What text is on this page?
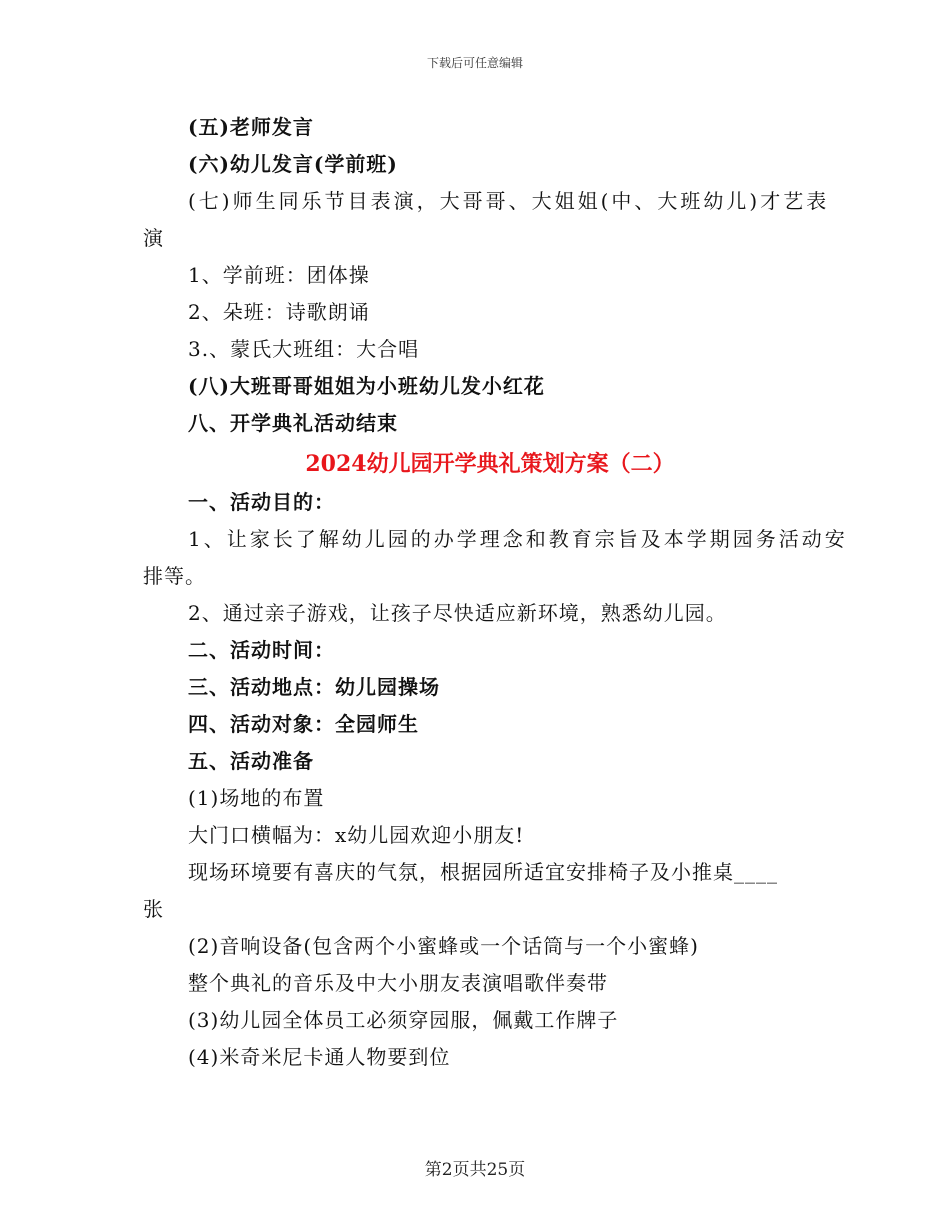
下载后可任意编辑
(五)老师发言
(六)幼儿发言(学前班)
(七)师生同乐节目表演，大哥哥、大姐姐(中、大班幼儿)才艺表
演
1、学前班：团体操
2、朵班：诗歌朗诵
3.、蒙氏大班组：大合唱
(八)大班哥哥姐姐为小班幼儿发小红花
八、开学典礼活动结束
2024幼儿园开学典礼策划方案（二）
一、活动目的：
1、让家长了解幼儿园的办学理念和教育宗旨及本学期园务活动安
排等。
2、通过亲子游戏，让孩子尽快适应新环境，熟悉幼儿园。
二、活动时间：
三、活动地点：幼儿园操场
四、活动对象：全园师生
五、活动准备
(1)场地的布置
大门口横幅为：x幼儿园欢迎小朋友!
现场环境要有喜庆的气氛，根据园所适宜安排椅子及小推桌____
张
(2)音响设备(包含两个小蜜蜂或一个话筒与一个小蜜蜂)
整个典礼的音乐及中大小朋友表演唱歌伴奏带
(3)幼儿园全体员工必须穿园服，佩戴工作牌子
(4)米奇米尼卡通人物要到位
第2页共25页
